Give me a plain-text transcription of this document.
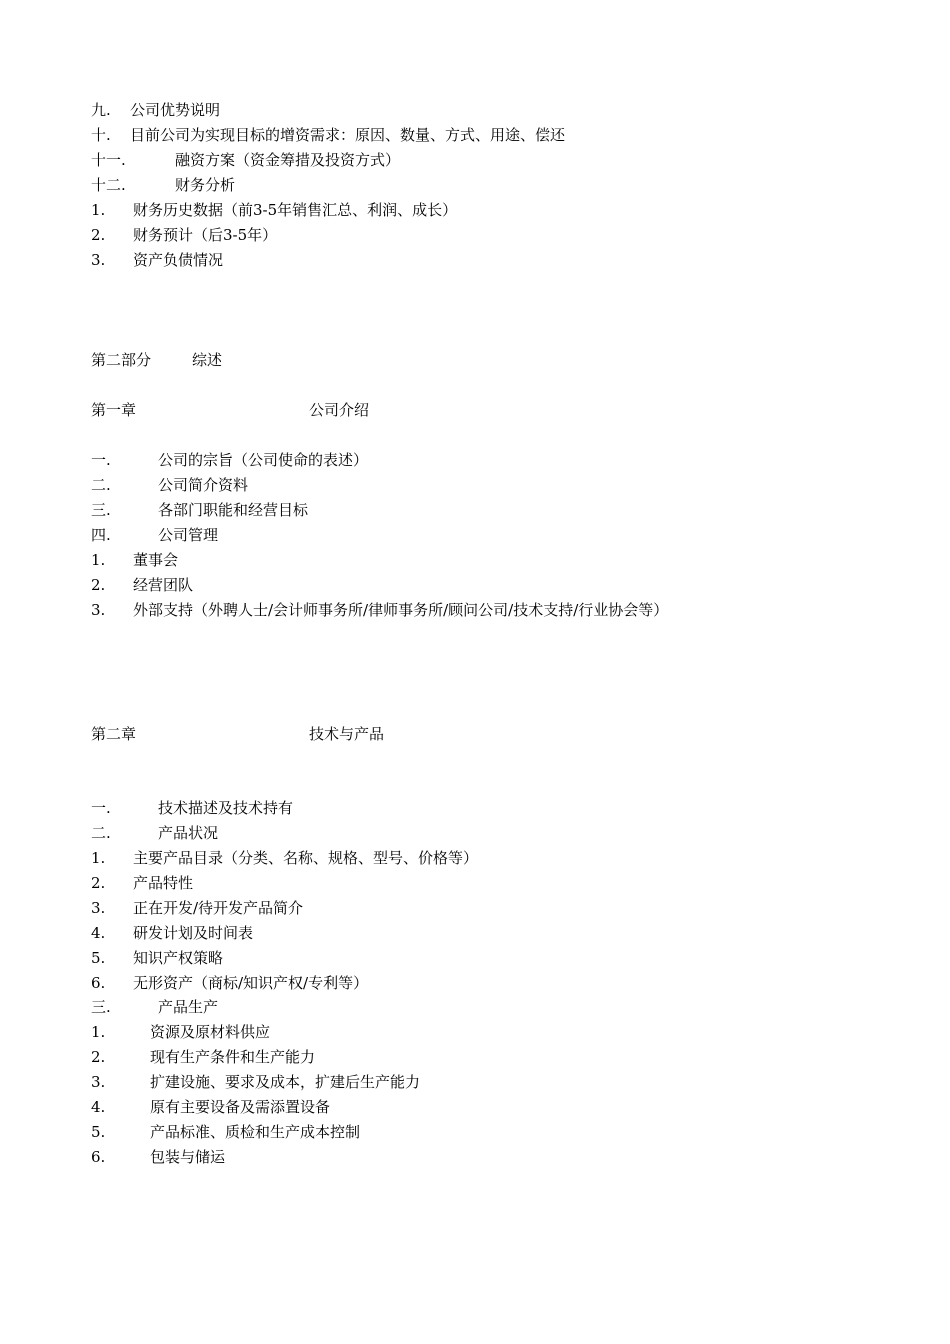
九. 公司优势说明
十. 目前公司为实现目标的增资需求：原因、数量、方式、用途、偿还
十一.	融资方案（资金筹措及投资方式）
十二.	财务分析
1. 财务历史数据（前3-5年销售汇总、利润、成长）
2. 财务预计（后3-5年）
3. 资产负债情况
第二部分	综述
第一章	公司介绍
一.	公司的宗旨（公司使命的表述）
二.	公司简介资料
三.	各部门职能和经营目标
四.	公司管理
1. 董事会
2. 经营团队
3. 外部支持（外聘人士/会计师事务所/律师事务所/顾问公司/技术支持/行业协会等）
第二章	技术与产品
一.	技术描述及技术持有
二.	产品状况
1. 主要产品目录（分类、名称、规格、型号、价格等）
2. 产品特性
3. 正在开发/待开发产品简介
4. 研发计划及时间表
5. 知识产权策略
6. 无形资产（商标/知识产权/专利等）
三.	产品生产
1.	资源及原材料供应
2.	现有生产条件和生产能力
3.	扩建设施、要求及成本，扩建后生产能力
4.	原有主要设备及需添置设备
5.	产品标准、质检和生产成本控制
6.	包装与储运
